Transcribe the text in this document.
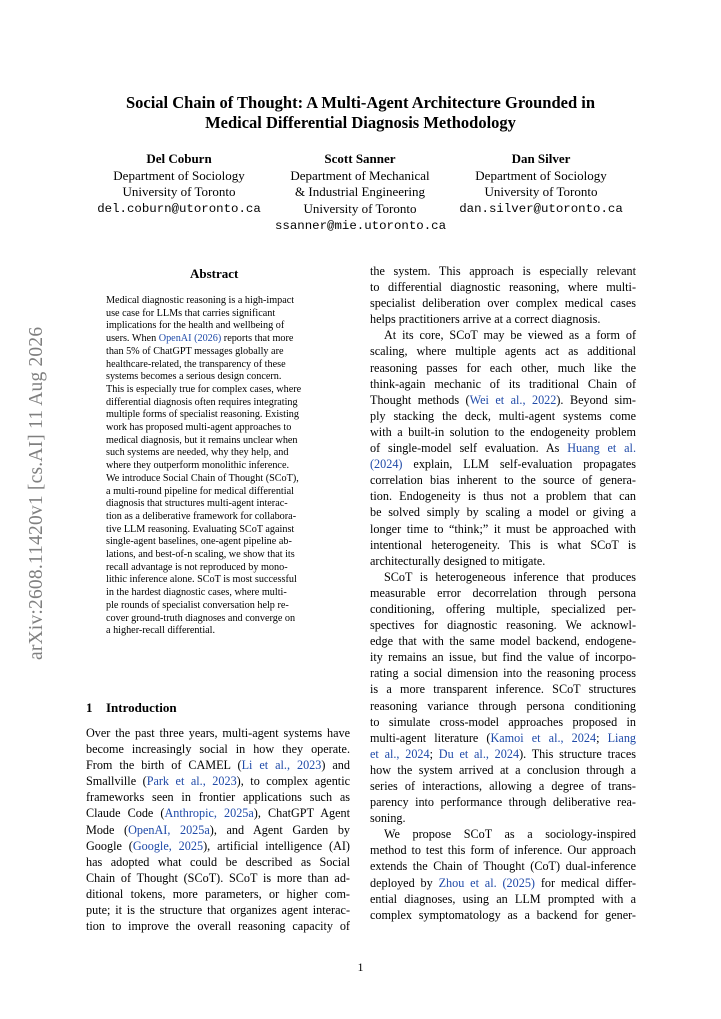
arXiv:2608.11420v1 [cs.AI] 11 Aug 2026
Social Chain of Thought: A Multi-Agent Architecture Grounded in
Medical Differential Diagnosis Methodology
Del Coburn
Department of Sociology
University of Toronto
del.coburn@utoronto.ca
Scott Sanner
Department of Mechanical
& Industrial Engineering
University of Toronto
Dan Silver
Department of Sociology
University of Toronto
dan.silver@utoronto.ca
ssanner@mie.utoronto.ca
Abstract
Medical diagnostic reasoning is a high-impact
use case for LLMs that carries significant
implications for the health and wellbeing of
users. When OpenAI (2026) reports that more
than 5% of ChatGPT messages globally are
healthcare-related, the transparency of these
systems becomes a serious design concern.
This is especially true for complex cases, where
differential diagnosis often requires integrating
multiple forms of specialist reasoning. Existing
work has proposed multi-agent approaches to
medical diagnosis, but it remains unclear when
such systems are needed, why they help, and
where they outperform monolithic inference.
We introduce Social Chain of Thought (SCoT),
a multi-round pipeline for medical differential
diagnosis that structures multi-agent interac-
tion as a deliberative framework for collabora-
tive LLM reasoning. Evaluating SCoT against
single-agent baselines, one-agent pipeline ab-
lations, and best-of-n scaling, we show that its
recall advantage is not reproduced by mono-
lithic inference alone. SCoT is most successful
in the hardest diagnostic cases, where multi-
ple rounds of specialist conversation help re-
cover ground-truth diagnoses and converge on
a higher-recall differential.
1 Introduction
Over the past three years, multi-agent systems have
become increasingly social in how they operate.
From the birth of CAMEL (Li et al., 2023) and
Smallville (Park et al., 2023), to complex agentic
frameworks seen in frontier applications such as
Claude Code (Anthropic, 2025a), ChatGPT Agent
Mode (OpenAI, 2025a), and Agent Garden by
Google (Google, 2025), artificial intelligence (AI)
has adopted what could be described as Social
Chain of Thought (SCoT). SCoT is more than ad-
ditional tokens, more parameters, or higher com-
pute; it is the structure that organizes agent interac-
tion to improve the overall reasoning capacity of
the system. This approach is especially relevant
to differential diagnostic reasoning, where multi-
specialist deliberation over complex medical cases
helps practitioners arrive at a correct diagnosis.
At its core, SCoT may be viewed as a form of
scaling, where multiple agents act as additional
reasoning passes for each other, much like the
think-again mechanic of its traditional Chain of
Thought methods (Wei et al., 2022). Beyond sim-
ply stacking the deck, multi-agent systems come
with a built-in solution to the endogeneity problem
of single-model self evaluation. As Huang et al.
(2024) explain, LLM self-evaluation propagates
correlation bias inherent to the source of genera-
tion. Endogeneity is thus not a problem that can
be solved simply by scaling a model or giving a
longer time to “think;” it must be approached with
intentional heterogeneity. This is what SCoT is
architecturally designed to mitigate.
SCoT is heterogeneous inference that produces
measurable error decorrelation through persona
conditioning, offering multiple, specialized per-
spectives for diagnostic reasoning. We acknowl-
edge that with the same model backend, endogene-
ity remains an issue, but find the value of incorpo-
rating a social dimension into the reasoning process
is a more transparent inference. SCoT structures
reasoning variance through persona conditioning
to simulate cross-model approaches proposed in
multi-agent literature (Kamoi et al., 2024; Liang
et al., 2024; Du et al., 2024). This structure traces
how the system arrived at a conclusion through a
series of interactions, allowing a degree of trans-
parency into performance through deliberative rea-
soning.
We propose SCoT as a sociology-inspired
method to test this form of inference. Our approach
extends the Chain of Thought (CoT) dual-inference
deployed by Zhou et al. (2025) for medical differ-
ential diagnoses, using an LLM prompted with a
complex symptomatology as a backend for gener-
1
